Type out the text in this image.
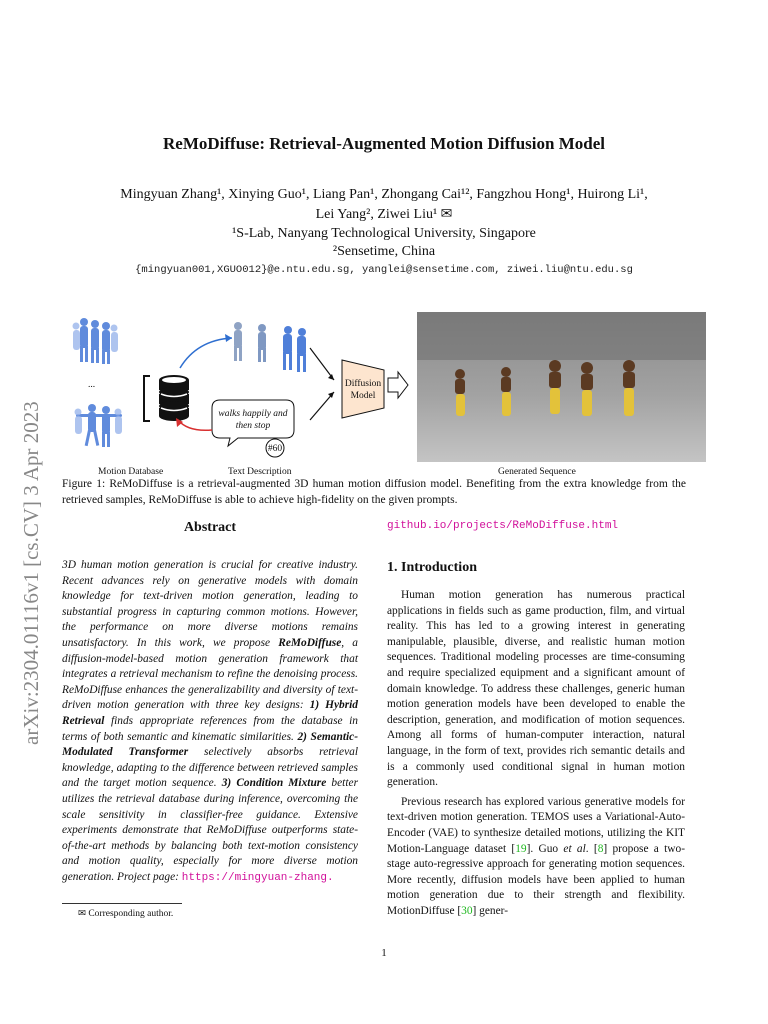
arXiv:2304.01116v1 [cs.CV] 3 Apr 2023
ReMoDiffuse: Retrieval-Augmented Motion Diffusion Model
Mingyuan Zhang¹, Xinying Guo¹, Liang Pan¹, Zhongang Cai¹², Fangzhou Hong¹, Huirong Li¹,
Lei Yang², Ziwei Liu¹ ✉
¹S-Lab, Nanyang Technological University, Singapore
²Sensetime, China
{mingyuan001,XGUO012}@e.ntu.edu.sg, yanglei@sensetime.com, ziwei.liu@ntu.edu.sg
...	Diffusion
Model
walks happily and
then stop
#60
Motion Database	Text Description	Generated Sequence
Figure 1: ReMoDiffuse is a retrieval-augmented 3D human motion diffusion model. Benefiting from the extra knowledge from the retrieved samples, ReMoDiffuse is able to achieve high-fidelity on the given prompts.
Abstract

3D human motion generation is crucial for creative industry. Recent advances rely on generative models with domain knowledge for text-driven motion generation, leading to substantial progress in capturing common motions. However, the performance on more diverse motions remains unsatisfactory. In this work, we propose ReMoDiffuse, a diffusion-model-based motion generation framework that integrates a retrieval mechanism to refine the denoising process. ReMoDiffuse enhances the generalizability and diversity of text-driven motion generation with three key designs: 1) Hybrid Retrieval finds appropriate references from the database in terms of both semantic and kinematic similarities. 2) Semantic-Modulated Transformer selectively absorbs retrieval knowledge, adapting to the difference between retrieved samples and the target motion sequence. 3) Condition Mixture better utilizes the retrieval database during inference, overcoming the scale sensitivity in classifier-free guidance. Extensive experiments demonstrate that ReMoDiffuse outperforms state-of-the-art methods by balancing both text-motion consistency and motion quality, especially for more diverse motion generation. Project page: https://mingyuan-zhang.

✉ Corresponding author.
github.io/projects/ReMoDiffuse.html
1. Introduction

Human motion generation has numerous practical applications in fields such as game production, film, and virtual reality. This has led to a growing interest in generating manipulable, plausible, diverse, and realistic human motion sequences. Traditional modeling processes are time-consuming and require specialized equipment and a significant amount of domain knowledge. To address these challenges, generic human motion generation models have been developed to enable the description, generation, and modification of motion sequences. Among all forms of human-computer interaction, natural language, in the form of text, provides rich semantic details and is a commonly used conditional signal in human motion generation.

Previous research has explored various generative models for text-driven motion generation. TEMOS uses a Variational-Auto-Encoder (VAE) to synthesize detailed motions, utilizing the KIT Motion-Language dataset [19]. Guo et al. [8] propose a two-stage auto-regressive approach for generating motion sequences. More recently, diffusion models have been applied to human motion generation due to their strength and flexibility. MotionDiffuse [30] gener-

1
